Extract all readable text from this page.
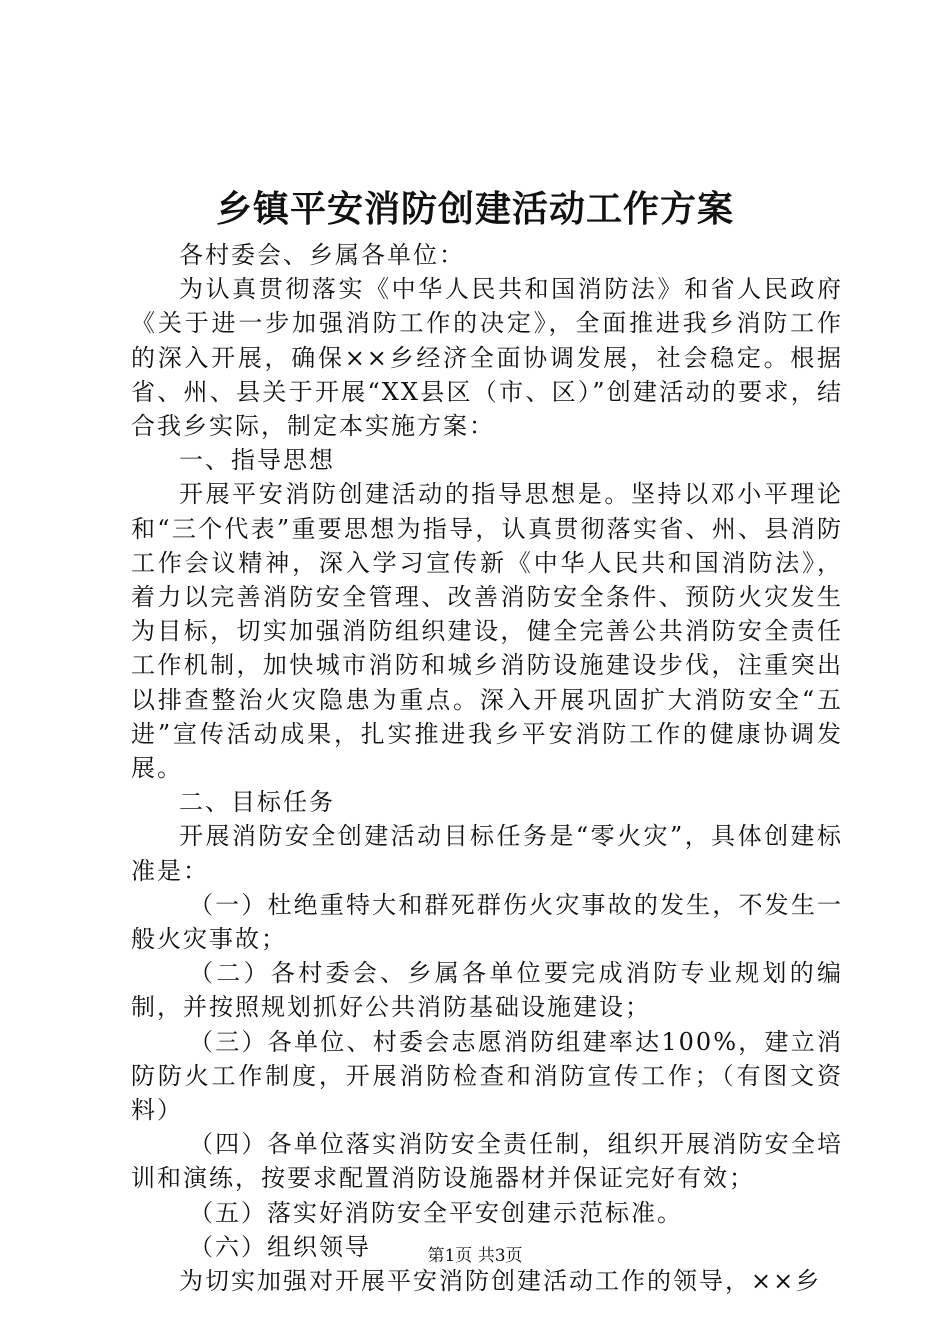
乡镇平安消防创建活动工作方案

各村委会、乡属各单位：

为认真贯彻落实《中华人民共和国消防法》和省人民政府《关于进一步加强消防工作的决定》，全面推进我乡消防工作的深入开展，确保××乡经济全面协调发展，社会稳定。根据省、州、县关于开展“XX县区（市、区）”创建活动的要求，结合我乡实际，制定本实施方案：

一、指导思想

开展平安消防创建活动的指导思想是。坚持以邓小平理论和“三个代表”重要思想为指导，认真贯彻落实省、州、县消防工作会议精神，深入学习宣传新《中华人民共和国消防法》，着力以完善消防安全管理、改善消防安全条件、预防火灾发生为目标，切实加强消防组织建设，健全完善公共消防安全责任工作机制，加快城市消防和城乡消防设施建设步伐，注重突出以排查整治火灾隐患为重点。深入开展巩固扩大消防安全“五进”宣传活动成果，扎实推进我乡平安消防工作的健康协调发展。

二、目标任务

开展消防安全创建活动目标任务是“零火灾”，具体创建标准是：

（一）杜绝重特大和群死群伤火灾事故的发生，不发生一般火灾事故；

（二）各村委会、乡属各单位要完成消防专业规划的编制，并按照规划抓好公共消防基础设施建设；

（三）各单位、村委会志愿消防组建率达100%，建立消防防火工作制度，开展消防检查和消防宣传工作；（有图文资料）

（四）各单位落实消防安全责任制，组织开展消防安全培训和演练，按要求配置消防设施器材并保证完好有效；

（五）落实好消防安全平安创建示范标准。

（六）组织领导

为切实加强对开展平安消防创建活动工作的领导，××乡

第1页 共3页
